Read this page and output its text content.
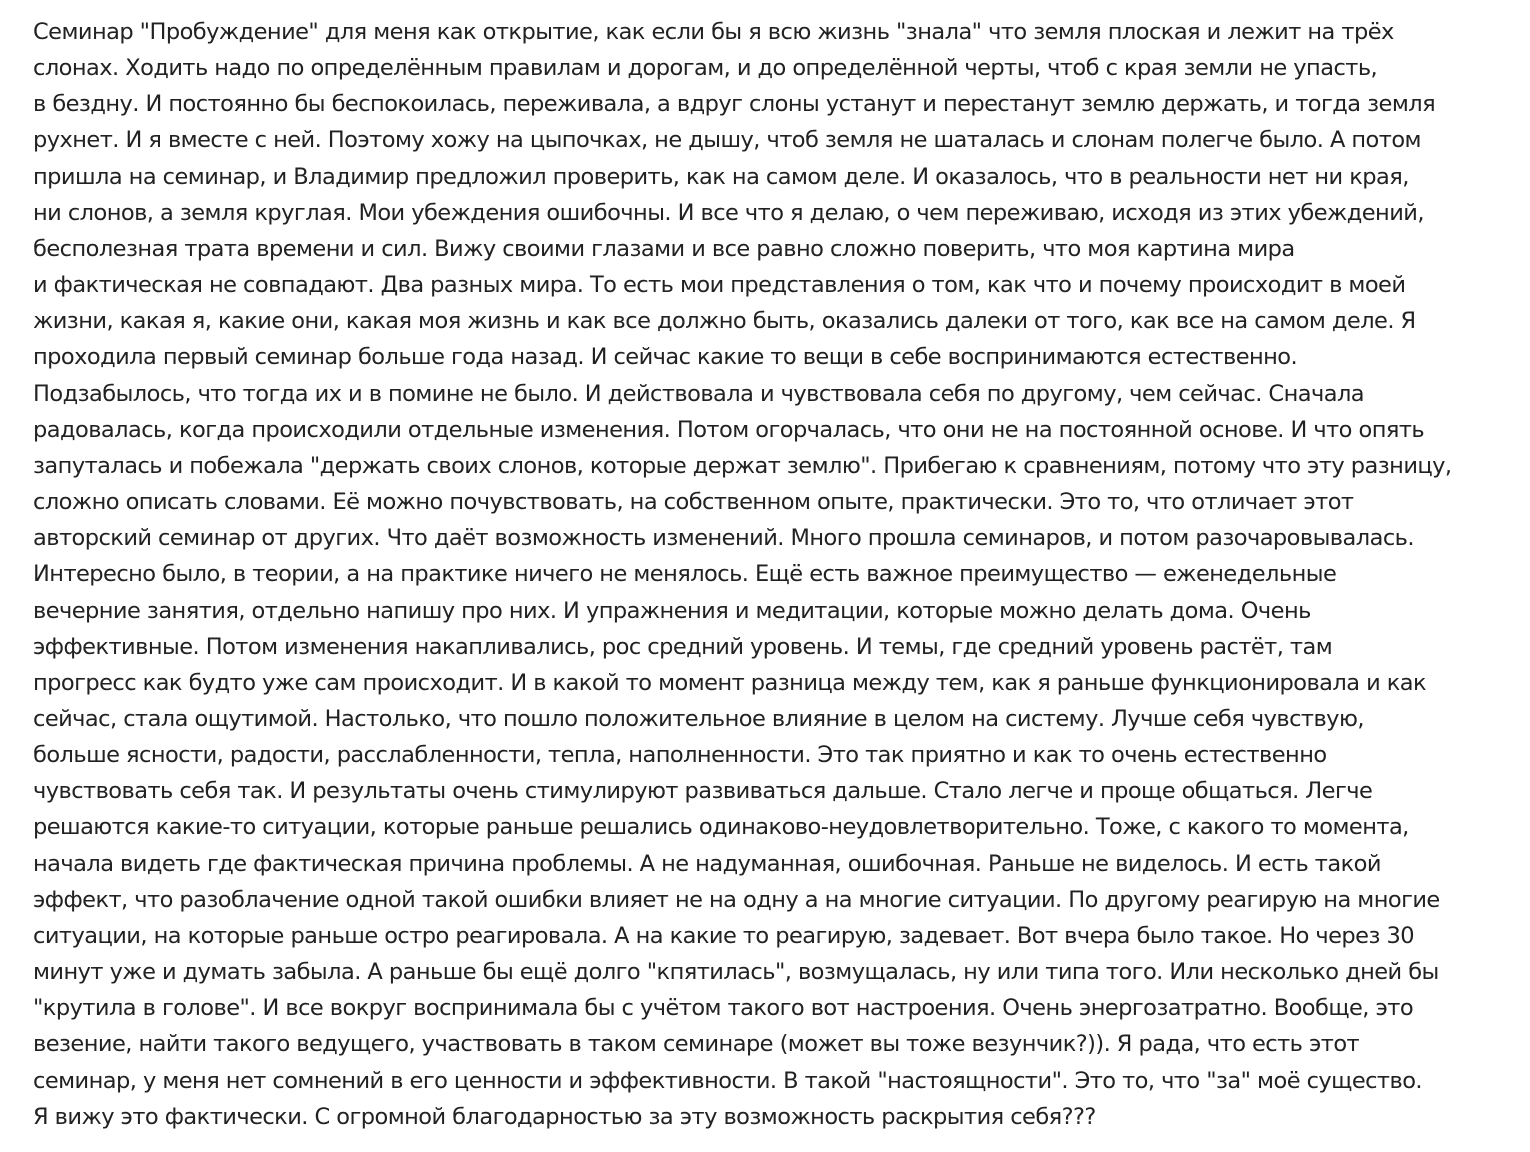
Семинар "Пробуждение" для меня как открытие, как если бы я всю жизнь "знала" что земля плоская и лежит на трёх
слонах. Ходить надо по определённым правилам и дорогам, и до определённой черты, чтоб с края земли не упасть,
в бездну. И постоянно бы беспокоилась, переживала, а вдруг слоны устанут и перестанут землю держать, и тогда земля
рухнет. И я вместе с ней. Поэтому хожу на цыпочках, не дышу, чтоб земля не шаталась и слонам полегче было. А потом
пришла на семинар, и Владимир предложил проверить, как на самом деле. И оказалось, что в реальности нет ни края,
ни слонов, а земля круглая. Мои убеждения ошибочны. И все что я делаю, о чем переживаю, исходя из этих убеждений,
бесполезная трата времени и сил. Вижу своими глазами и все равно сложно поверить, что моя картина мира
и фактическая не совпадают. Два разных мира. То есть мои представления о том, как что и почему происходит в моей
жизни, какая я, какие они, какая моя жизнь и как все должно быть, оказались далеки от того, как все на самом деле. Я
проходила первый семинар больше года назад. И сейчас какие то вещи в себе воспринимаются естественно.
Подзабылось, что тогда их и в помине не было. И действовала и чувствовала себя по другому, чем сейчас. Сначала
радовалась, когда происходили отдельные изменения. Потом огорчалась, что они не на постоянной основе. И что опять
запуталась и побежала "держать своих слонов, которые держат землю". Прибегаю к сравнениям, потому что эту разницу,
сложно описать словами. Её можно почувствовать, на собственном опыте, практически. Это то, что отличает этот
авторский семинар от других. Что даёт возможность изменений. Много прошла семинаров, и потом разочаровывалась.
Интересно было, в теории, а на практике ничего не менялось. Ещё есть важное преимущество — еженедельные
вечерние занятия, отдельно напишу про них. И упражнения и медитации, которые можно делать дома. Очень
эффективные. Потом изменения накапливались, рос средний уровень. И темы, где средний уровень растёт, там
прогресс как будто уже сам происходит. И в какой то момент разница между тем, как я раньше функционировала и как
сейчас, стала ощутимой. Настолько, что пошло положительное влияние в целом на систему. Лучше себя чувствую,
больше ясности, радости, расслабленности, тепла, наполненности. Это так приятно и как то очень естественно
чувствовать себя так. И результаты очень стимулируют развиваться дальше. Стало легче и проще общаться. Легче
решаются какие-то ситуации, которые раньше решались одинаково-неудовлетворительно. Тоже, с какого то момента,
начала видеть где фактическая причина проблемы. А не надуманная, ошибочная. Раньше не виделось. И есть такой
эффект, что разоблачение одной такой ошибки влияет не на одну а на многие ситуации. По другому реагирую на многие
ситуации, на которые раньше остро реагировала. А на какие то реагирую, задевает. Вот вчера было такое. Но через 30
минут уже и думать забыла. А раньше бы ещё долго "кпятилась", возмущалась, ну или типа того. Или несколько дней бы
"крутила в голове". И все вокруг воспринимала бы с учётом такого вот настроения. Очень энергозатратно. Вообще, это
везение, найти такого ведущего, участвовать в таком семинаре (может вы тоже везунчик?)). Я рада, что есть этот
семинар, у меня нет сомнений в его ценности и эффективности. В такой "настоящности". Это то, что "за" моё существо.
Я вижу это фактически. С огромной благодарностью за эту возможность раскрытия себя???
